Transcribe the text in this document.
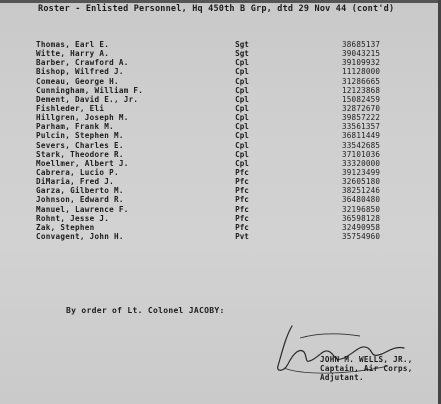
Roster - Enlisted Personnel, Hq 450th B Grp, dtd 29 Nov 44 (cont'd)
Thomas, Earl E.	Sgt	38685137
Witte, Harry A.	Sgt	39043215
Barber, Crawford A.	Cpl	39109932
Bishop, Wilfred J.	Cpl	11128000
Comeau, George H.	Cpl	31286665
Cunningham, William F.	Cpl	12123868
Dement, David E., Jr.	Cpl	15082459
Fishleder, Eli	Cpl	32872670
Hillgren, Joseph M.	Cpl	39857222
Parham, Frank M.	Cpl	33561357
Pulcin, Stephen M.	Cpl	36811449
Severs, Charles E.	Cpl	33542685
Stark, Theodore R.	Cpl	37101036
Moellmer, Albert J.	Cpl	33320000
Cabrera, Lucio P.	Pfc	39123499
DiMaria, Fred J.	Pfc	32605180
Garza, Gilberto M.	Pfc	38251246
Johnson, Edward R.	Pfc	36480480
Manuel, Lawrence F.	Pfc	32196850
Rohnt, Jesse J.	Pfc	36598128
Zak, Stephen	Pfc	32490958
Convagent, John H.	Pvt	35754960
By order of Lt. Colonel JACOBY:
JOHN M. WELLS, JR.,
Captain, Air Corps,
Adjutant.
